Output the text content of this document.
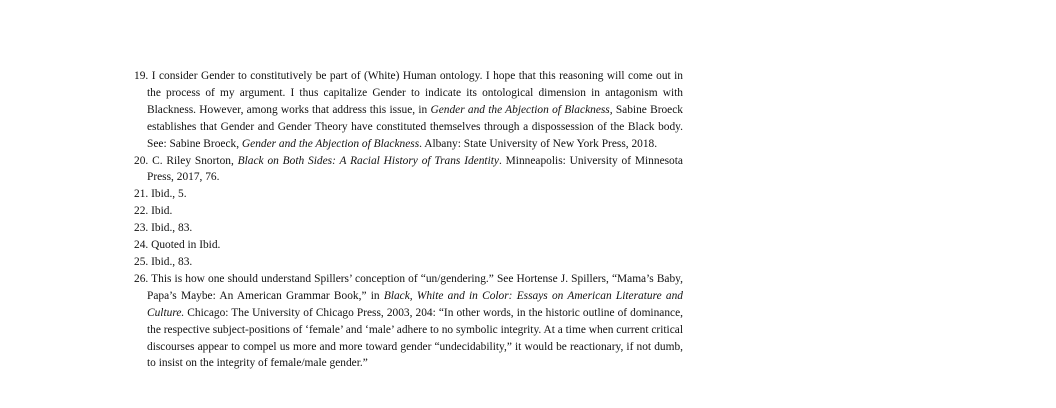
19. I consider Gender to constitutively be part of (White) Human ontology. I hope that this reasoning will come out in the process of my argument. I thus capitalize Gender to indicate its ontological dimension in antagonism with Blackness. However, among works that address this issue, in Gender and the Abjection of Blackness, Sabine Broeck establishes that Gender and Gender Theory have constituted themselves through a dispossession of the Black body. See: Sabine Broeck, Gender and the Abjection of Blackness. Albany: State University of New York Press, 2018.
20. C. Riley Snorton, Black on Both Sides: A Racial History of Trans Identity. Minneapolis: University of Minnesota Press, 2017, 76.
21. Ibid., 5.
22. Ibid.
23. Ibid., 83.
24. Quoted in Ibid.
25. Ibid., 83.
26. This is how one should understand Spillers’ conception of “un/gendering.” See Hortense J. Spillers, “Mama’s Baby, Papa’s Maybe: An American Grammar Book,” in Black, White and in Color: Essays on American Literature and Culture. Chicago: The University of Chicago Press, 2003, 204: “In other words, in the historic outline of dominance, the respective subject-positions of ‘female’ and ‘male’ adhere to no symbolic integrity. At a time when current critical discourses appear to compel us more and more toward gender “undecidability,” it would be reactionary, if not dumb, to insist on the integrity of female/male gender.”
